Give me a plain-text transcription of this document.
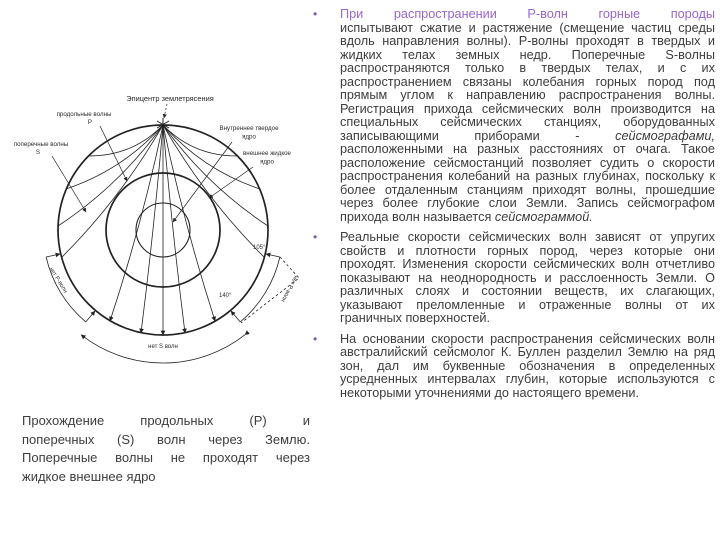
Эпицентр землетрясения
продольные волны
P
поперечные волны
S
Внутреннее твердое
ядро
внешнее жидкое
ядро
105°
140°
нет P-волн	нет P-волн
нет S волн
Прохождение продольных (P) и
поперечных (S) волн через Землю.
Поперечные волны не проходят через
жидкое внешнее ядро
• При распространении P-волн горные породы
испытывают сжатие и растяжение (смещение частиц среды вдоль направления волны). P-волны проходят в твердых и жидких телах земных недр. Поперечные S-волны распространяются только в твердых телах, и с их распространением связаны колебания горных пород под прямым углом к направлению распространения волны. Регистрация прихода сейсмических волн производится на специальных сейсмических станциях, оборудованных записывающими приборами -	сейсмографами, расположенными на разных расстояниях от очага. Такое расположение сейсмостанций позволяет судить о скорости распространения колебаний на разных глубинах, поскольку к более отдаленным станциям приходят волны, прошедшие через более глубокие слои Земли. Запись сейсмографом прихода волн называется сейсмограммой.
• Реальные скорости сейсмических волн зависят от упругих свойств и плотности горных пород, через которые они проходят. Изменения скорости сейсмических волн отчетливо показывают на неоднородность и расслоенность Земли. О различных слоях и состоянии веществ, их слагающих, указывают преломленные и отраженные волны от их граничных поверхностей.
• На основании скорости распространения сейсмических волн австралийский сейсмолог К. Буллен разделил Землю на ряд зон, дал им буквенные обозначения в определенных усредненных интервалах глубин, которые используются с некоторыми уточнениями до настоящего времени.
